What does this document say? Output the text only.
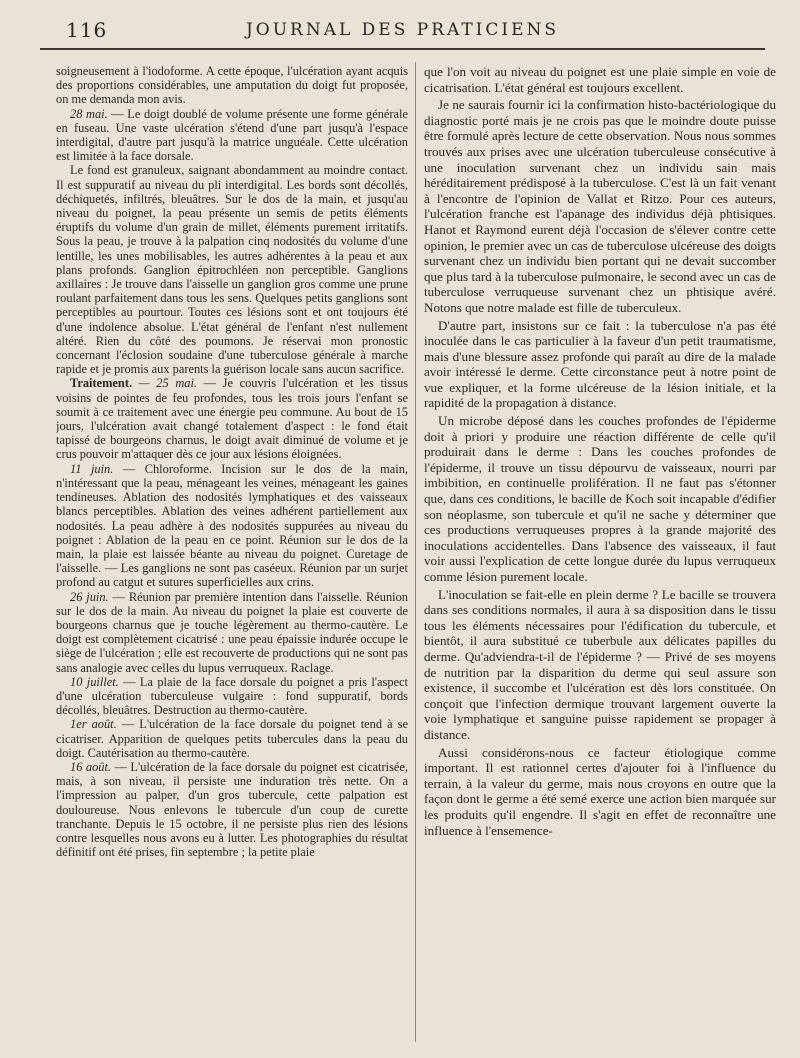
116	JOURNAL DES PRATICIENS

soigneusement à l'iodoforme. A cette époque, l'ulcération ayant acquis des proportions considérables, une amputation du doigt fut proposée, on me demanda mon avis.

28 mai. — Le doigt doublé de volume présente une forme générale en fuseau. Une vaste ulcération s'étend d'une part jusqu'à l'espace interdigital, d'autre part jusqu'à la matrice unguéale. Cette ulcération est limitée à la face dorsale.

Le fond est granuleux, saignant abondamment au moindre contact. Il est suppuratif au niveau du pli interdigital. Les bords sont décollés, déchiquetés, infiltrés, bleuâtres. Sur le dos de la main, et jusqu'au niveau du poignet, la peau présente un semis de petits éléments éruptifs du volume d'un grain de millet, éléments purement irritatifs. Sous la peau, je trouve à la palpation cinq nodosités du volume d'une lentille, les unes mobilisables, les autres adhérentes à la peau et aux plans profonds. Ganglion épitrochléen non perceptible. Ganglions axillaires : Je trouve dans l'aisselle un ganglion gros comme une prune roulant parfaitement dans tous les sens. Quelques petits ganglions sont perceptibles au pourtour. Toutes ces lésions sont et ont toujours été d'une indolence absolue. L'état général de l'enfant n'est nullement altéré. Rien du côté des poumons. Je réservai mon pronostic concernant l'éclosion soudaine d'une tuberculose générale à marche rapide et je promis aux parents la guérison locale sans aucun sacrifice.

Traitement. — 25 mai. — Je couvris l'ulcération et les tissus voisins de pointes de feu profondes, tous les trois jours l'enfant se soumit à ce traitement avec une énergie peu commune. Au bout de 15 jours, l'ulcération avait changé totalement d'aspect : le fond était tapissé de bourgeons charnus, le doigt avait diminué de volume et je crus pouvoir m'attaquer dès ce jour aux lésions éloignées.

11 juin. — Chloroforme. Incision sur le dos de la main, n'intéressant que la peau, ménageant les veines, ménageant les gaines tendineuses. Ablation des nodosités lymphatiques et des vaisseaux blancs perceptibles. Ablation des veines adhérent partiellement aux nodosités. La peau adhère à des nodosités suppurées au niveau du poignet : Ablation de la peau en ce point. Réunion sur le dos de la main, la plaie est laissée béante au niveau du poignet. Curetage de l'aisselle. — Les ganglions ne sont pas caséeux. Réunion par un surjet profond au catgut et sutures superficielles aux crins.

26 juin. — Réunion par première intention dans l'aisselle. Réunion sur le dos de la main. Au niveau du poignet la plaie est couverte de bourgeons charnus que je touche légèrement au thermo-cautère. Le doigt est complètement cicatrisé : une peau épaissie indurée occupe le siège de l'ulcération ; elle est recouverte de productions qui ne sont pas sans analogie avec celles du lupus verruqueux. Raclage.

10 juillet. — La plaie de la face dorsale du poignet a pris l'aspect d'une ulcération tuberculeuse vulgaire : fond suppuratif, bords décollés, bleuâtres. Destruction au thermo-cautère.

1er août. — L'ulcération de la face dorsale du poignet tend à se cicatriser. Apparition de quelques petits tubercules dans la peau du doigt. Cautérisation au thermo-cautère.

16 août. — L'ulcération de la face dorsale du poignet est cicatrisée, mais, à son niveau, il persiste une induration très nette. On a l'impression au palper, d'un gros tubercule, cette palpation est douloureuse. Nous enlevons le tubercule d'un coup de curette tranchante. Depuis le 15 octobre, il ne persiste plus rien des lésions contre lesquelles nous avons eu à lutter. Les photographies du résultat définitif ont été prises, fin septembre ; la petite plaie

que l'on voit au niveau du poignet est une plaie simple en voie de cicatrisation. L'état général est toujours excellent.

Je ne saurais fournir ici la confirmation histo-bactériologique du diagnostic porté mais je ne crois pas que le moindre doute puisse être formulé après lecture de cette observation. Nous nous sommes trouvés aux prises avec une ulcération tuberculeuse consécutive à une inoculation survenant chez un individu sain mais héréditairement prédisposé à la tuberculose. C'est là un fait venant à l'encontre de l'opinion de Vallat et Ritzo. Pour ces auteurs, l'ulcération franche est l'apanage des individus déjà phtisiques. Hanot et Raymond eurent déjà l'occasion de s'élever contre cette opinion, le premier avec un cas de tuberculose ulcéreuse des doigts survenant chez un individu bien portant qui ne devait succomber que plus tard à la tuberculose pulmonaire, le second avec un cas de tuberculose verruqueuse survenant chez un phtisique avéré. Notons que notre malade est fille de tuberculeux.

D'autre part, insistons sur ce fait : la tuberculose n'a pas été inoculée dans le cas particulier à la faveur d'un petit traumatisme, mais d'une blessure assez profonde qui paraît au dire de la malade avoir intéressé le derme. Cette circonstance peut à notre point de vue expliquer, et la forme ulcéreuse de la lésion initiale, et la rapidité de la propagation à distance.

Un microbe déposé dans les couches profondes de l'épiderme doit à priori y produire une réaction différente de celle qu'il produirait dans le derme : Dans les couches profondes de l'épiderme, il trouve un tissu dépourvu de vaisseaux, nourri par imbibition, en continuelle prolifération. Il ne faut pas s'étonner que, dans ces conditions, le bacille de Koch soit incapable d'édifier son néoplasme, son tubercule et qu'il ne sache y déterminer que ces productions verruqueuses propres à la grande majorité des inoculations accidentelles. Dans l'absence des vaisseaux, il faut voir aussi l'explication de cette longue durée du lupus verruqueux comme lésion purement locale.

L'inoculation se fait-elle en plein derme ? Le bacille se trouvera dans ses conditions normales, il aura à sa disposition dans le tissu tous les éléments nécessaires pour l'édification du tubercule, et bientôt, il aura substitué ce tuberbule aux délicates papilles du derme. Qu'adviendra-t-il de l'épiderme ? — Privé de ses moyens de nutrition par la disparition du derme qui seul assure son existence, il succombe et l'ulcération est dès lors constituée. On conçoit que l'infection dermique trouvant largement ouverte la voie lymphatique et sanguine puisse rapidement se propager à distance.

Aussi considérons-nous ce facteur étiologique comme important. Il est rationnel certes d'ajouter foi à l'influence du terrain, à la valeur du germe, mais nous croyons en outre que la façon dont le germe a été semé exerce une action bien marquée sur les produits qu'il engendre. Il s'agit en effet de reconnaître une influence à l'ensemence-
